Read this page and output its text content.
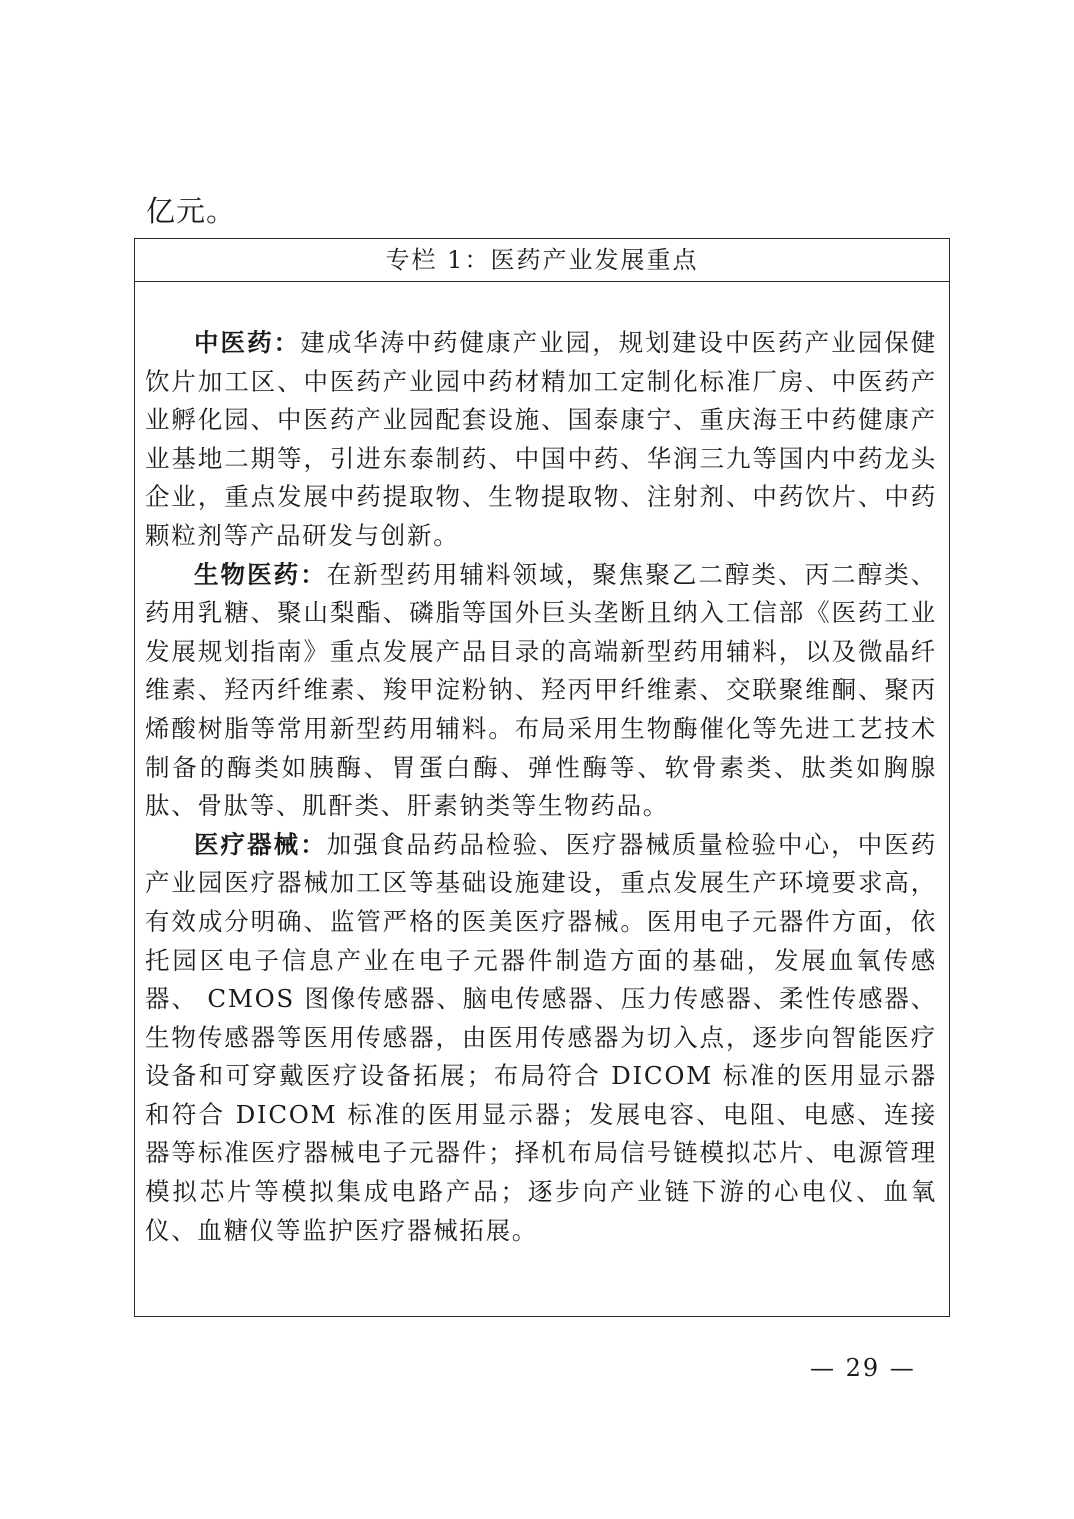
亿元。

专栏 1：医药产业发展重点

中医药：建成华涛中药健康产业园，规划建设中医药产业园保健饮片加工区、中医药产业园中药材精加工定制化标准厂房、中医药产业孵化园、中医药产业园配套设施、国泰康宁、重庆海王中药健康产业基地二期等，引进东泰制药、中国中药、华润三九等国内中药龙头企业，重点发展中药提取物、生物提取物、注射剂、中药饮片、中药颗粒剂等产品研发与创新。

生物医药：在新型药用辅料领域，聚焦聚乙二醇类、丙二醇类、药用乳糖、聚山梨酯、磷脂等国外巨头垄断且纳入工信部《医药工业发展规划指南》重点发展产品目录的高端新型药用辅料，以及微晶纤维素、羟丙纤维素、羧甲淀粉钠、羟丙甲纤维素、交联聚维酮、聚丙烯酸树脂等常用新型药用辅料。布局采用生物酶催化等先进工艺技术制备的酶类如胰酶、胃蛋白酶、弹性酶等、软骨素类、肽类如胸腺肽、骨肽等、肌酐类、肝素钠类等生物药品。

医疗器械：加强食品药品检验、医疗器械质量检验中心，中医药产业园医疗器械加工区等基础设施建设，重点发展生产环境要求高，有效成分明确、监管严格的医美医疗器械。医用电子元器件方面，依托园区电子信息产业在电子元器件制造方面的基础，发展血氧传感器、 CMOS 图像传感器、脑电传感器、压力传感器、柔性传感器、生物传感器等医用传感器，由医用传感器为切入点，逐步向智能医疗设备和可穿戴医疗设备拓展；布局符合 DICOM 标准的医用显示器和符合 DICOM 标准的医用显示器；发展电容、电阻、电感、连接器等标准医疗器械电子元器件；择机布局信号链模拟芯片、电源管理模拟芯片等模拟集成电路产品；逐步向产业链下游的心电仪、血氧仪、血糖仪等监护医疗器械拓展。

— 29 —
